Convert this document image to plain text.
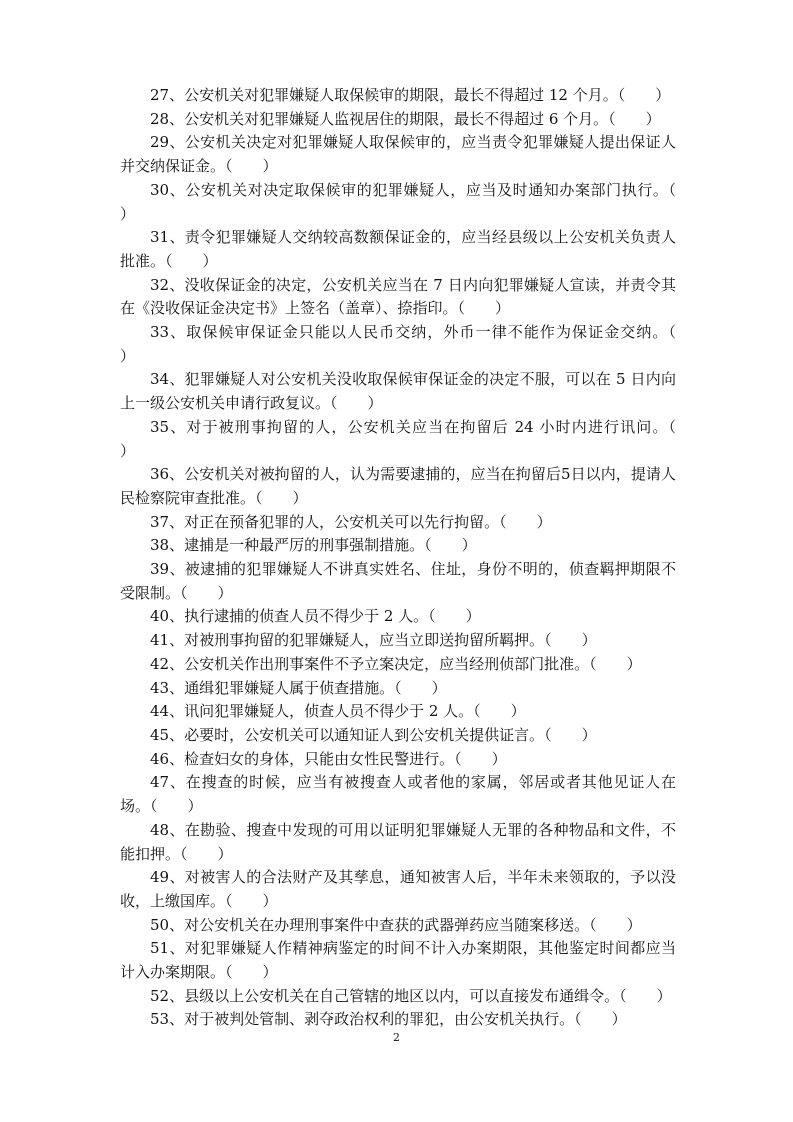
27、公安机关对犯罪嫌疑人取保候审的期限，最长不得超过 12 个月。（　　）

28、公安机关对犯罪嫌疑人监视居住的期限，最长不得超过 6 个月。（　　）

29、公安机关决定对犯罪嫌疑人取保候审的，应当责令犯罪嫌疑人提出保证人并交纳保证金。（　　）

30、公安机关对决定取保候审的犯罪嫌疑人，应当及时通知办案部门执行。（　　）

31、责令犯罪嫌疑人交纳较高数额保证金的，应当经县级以上公安机关负责人批准。（　　）

32、没收保证金的决定，公安机关应当在 7 日内向犯罪嫌疑人宣读，并责令其在《没收保证金决定书》上签名（盖章）、捺指印。（　　）

33、取保候审保证金只能以人民币交纳，外币一律不能作为保证金交纳。（　　）

34、犯罪嫌疑人对公安机关没收取保候审保证金的决定不服，可以在 5 日内向上一级公安机关申请行政复议。（　　）

35、对于被刑事拘留的人，公安机关应当在拘留后 24 小时内进行讯问。（　　）

36、公安机关对被拘留的人，认为需要逮捕的，应当在拘留后5日以内，提请人民检察院审查批准。（　　）

37、对正在预备犯罪的人，公安机关可以先行拘留。（　　）

38、逮捕是一种最严厉的刑事强制措施。（　　）

39、被逮捕的犯罪嫌疑人不讲真实姓名、住址，身份不明的，侦查羁押期限不受限制。（　　）

40、执行逮捕的侦查人员不得少于 2 人。（　　）

41、对被刑事拘留的犯罪嫌疑人，应当立即送拘留所羁押。（　　）

42、公安机关作出刑事案件不予立案决定，应当经刑侦部门批准。（　　）

43、通缉犯罪嫌疑人属于侦查措施。（　　）

44、讯问犯罪嫌疑人，侦查人员不得少于 2 人。（　　）

45、必要时，公安机关可以通知证人到公安机关提供证言。（　　）

46、检查妇女的身体，只能由女性民警进行。（　　）

47、在搜查的时候，应当有被搜查人或者他的家属，邻居或者其他见证人在场。（　　）

48、在勘验、搜查中发现的可用以证明犯罪嫌疑人无罪的各种物品和文件，不能扣押。（　　）

49、对被害人的合法财产及其孳息，通知被害人后，半年未来领取的，予以没收，上缴国库。（　　）

50、对公安机关在办理刑事案件中查获的武器弹药应当随案移送。（　　）

51、对犯罪嫌疑人作精神病鉴定的时间不计入办案期限，其他鉴定时间都应当计入办案期限。（　　）

52、县级以上公安机关在自己管辖的地区以内，可以直接发布通缉令。（　　）

53、对于被判处管制、剥夺政治权利的罪犯，由公安机关执行。（　　）

2
